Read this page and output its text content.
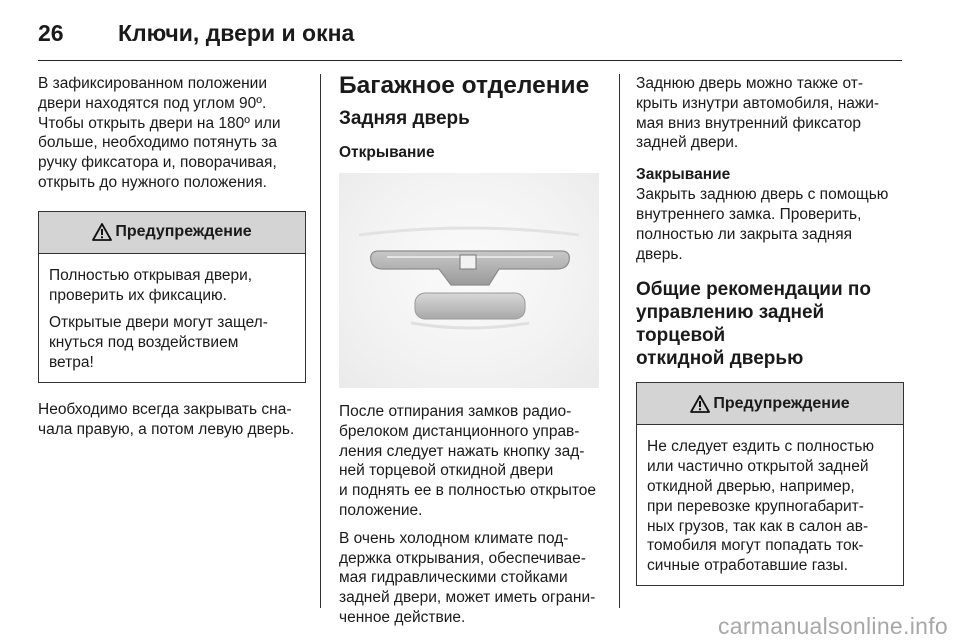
26	Ключи, двери и окна

В зафиксированном положении
двери находятся под углом 90º.
Чтобы открыть двери на 180º или
больше, необходимо потянуть за
ручку фиксатора и, поворачивая,
открыть до нужного положения.

Предупреждение

Полностью открывая двери,
проверить их фиксацию.

Открытые двери могут защел-
кнуться под воздействием
ветра!

Необходимо всегда закрывать сна-
чала правую, а потом левую дверь.

Багажное отделение
Задняя дверь
Открывание

После отпирания замков радио-
брелоком дистанционного управ-
ления следует нажать кнопку зад-
ней торцевой откидной двери
и поднять ее в полностью открытое
положение.

В очень холодном климате под-
держка открывания, обеспечивае-
мая гидравлическими стойками
задней двери, может иметь ограни-
ченное действие.

Заднюю дверь можно также от-
крыть изнутри автомобиля, нажи-
мая вниз внутренний фиксатор
задней двери.

Закрывание

Закрыть заднюю дверь с помощью
внутреннего замка. Проверить,
полностью ли закрыта задняя
дверь.

Общие рекомендации по
управлению задней торцевой
откидной дверью
Предупреждение

Не следует ездить с полностью
или частично открытой задней
откидной дверью, например,
при перевозке крупногабарит-
ных грузов, так как в салон ав-
томобиля могут попадать ток-
сичные отработавшие газы.

carmanualsonline.info
